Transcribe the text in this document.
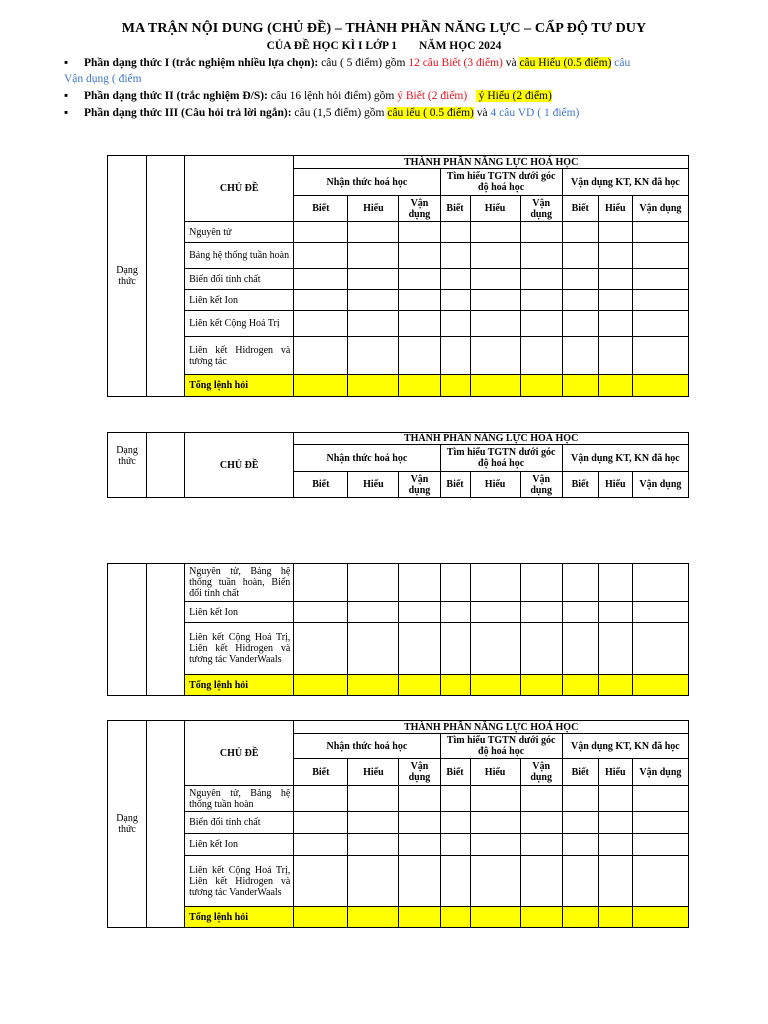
MA TRẬN NỘI DUNG (CHỦ ĐỀ) – THÀNH PHẦN NĂNG LỰC – CẤP ĐỘ TƯ DUY
CỦA ĐỀ HỌC KÌ I LỚP 1 NĂM HỌC 2024
▪ Phần dạng thức I (trắc nghiệm nhiều lựa chọn): câu ( 5 điểm) gồm 12 câu Biết (3 điểm) và câu Hiểu (0.5 điểm) câu
Vận dụng ( điểm
▪ Phần dạng thức II (trắc nghiệm Đ/S): câu 16 lệnh hỏi điểm) gồm ý Biết (2 điểm)    ý Hiểu (2 điểm)
▪ Phần dạng thức III (Câu hỏi trả lời ngắn): câu (1,5 điểm) gồm câu iểu ( 0.5 điểm) và 4 câu VD ( 1 điểm)
Dạng thức		CHỦ ĐỀ	THÀNH PHẦN NĂNG LỰC HOÁ HỌC								
			Nhận thức hoá học			Tìm hiểu TGTN dưới góc độ hoá học			Vận dụng KT, KN đã học		
			Biết	Hiểu	Vận dụng	Biết	Hiểu	Vận dụng	Biết	Hiểu	Vận dụng
		Nguyên tử									
		Bảng hệ thống tuần hoàn									
		Biến đổi tính chất									
		Liên kết Ion									
		Liên kết Cộng Hoá Trị									
		Liên kết Hidrogen và tương tác									
		Tổng lệnh hỏi									
Dạng thức		CHỦ ĐỀ	THÀNH PHẦN NĂNG LỰC HOÁ HỌC								
			Nhận thức hoá học			Tìm hiểu TGTN dưới góc độ hoá học			Vận dụng KT, KN đã học		
			Biết	Hiểu	Vận dụng	Biết	Hiểu	Vận dụng	Biết	Hiểu	Vận dụng
		Nguyên tử, Bảng hệ thống tuần hoàn, Biến đổi tính chất									
		Liên kết Ion									
		Liên kết Cộng Hoá Trị, Liên kết Hidrogen và tương tác VanderWaals									
		Tổng lệnh hỏi									
Dạng thức		CHỦ ĐỀ	THÀNH PHẦN NĂNG LỰC HOÁ HỌC								
			Nhận thức hoá học			Tìm hiểu TGTN dưới góc độ hoá học			Vận dụng KT, KN đã học		
			Biết	Hiểu	Vận dụng	Biết	Hiểu	Vận dụng	Biết	Hiểu	Vận dụng
		Nguyên tử, Bảng hệ thống tuần hoàn									
		Biến đổi tính chất									
		Liên kết Ion									
		Liên kết Cộng Hoá Trị, Liên kết Hidrogen và tương tác VanderWaals									
		Tổng lệnh hỏi									
